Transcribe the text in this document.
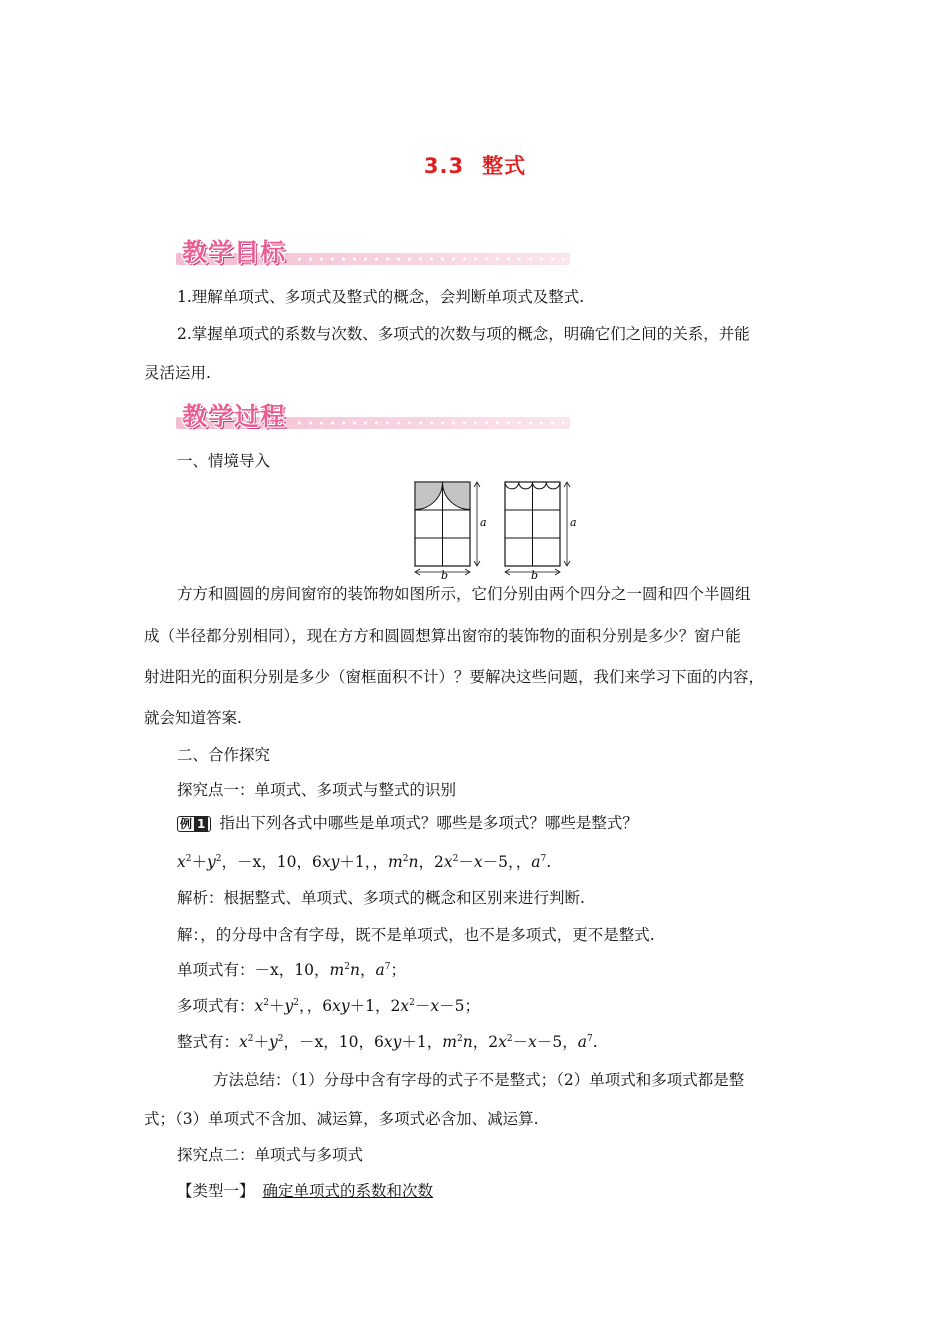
3.3 整式
教学目标
1.理解单项式、多项式及整式的概念，会判断单项式及整式.
2.掌握单项式的系数与次数、多项式的次数与项的概念，明确它们之间的关系，并能
灵活运用.
教学过程
一、情境导入
a
b
a
b
方方和圆圆的房间窗帘的装饰物如图所示，它们分别由两个四分之一圆和四个半圆组
成（半径都分别相同），现在方方和圆圆想算出窗帘的装饰物的面积分别是多少？窗户能
射进阳光的面积分别是多少（窗框面积不计）？要解决这些问题，我们来学习下面的内容，
就会知道答案.
二、合作探究
探究点一：单项式、多项式与整式的识别
例 1 指出下列各式中哪些是单项式？哪些是多项式？哪些是整式？
$x^2+y^2$，－x，10，6xy＋1，，$m^2n$，$2x^2-x-5$，，$a^7$.
解析：根据整式、单项式、多项式的概念和区别来进行判断.
解：，的分母中含有字母，既不是单项式，也不是多项式，更不是整式.
单项式有：－x，10，$m^2n$，$a^7$；
多项式有：$x^2+y^2$，，6xy＋1，$2x^2-x-5$；
整式有：$x^2+y^2$，－x，10，6xy＋1，$m^2n$，$2x^2-x-5$，$a^7$.
方法总结：（1）分母中含有字母的式子不是整式；（2）单项式和多项式都是整
式；（3）单项式不含加、减运算，多项式必含加、减运算.
探究点二：单项式与多项式
【类型一】 确定单项式的系数和次数
